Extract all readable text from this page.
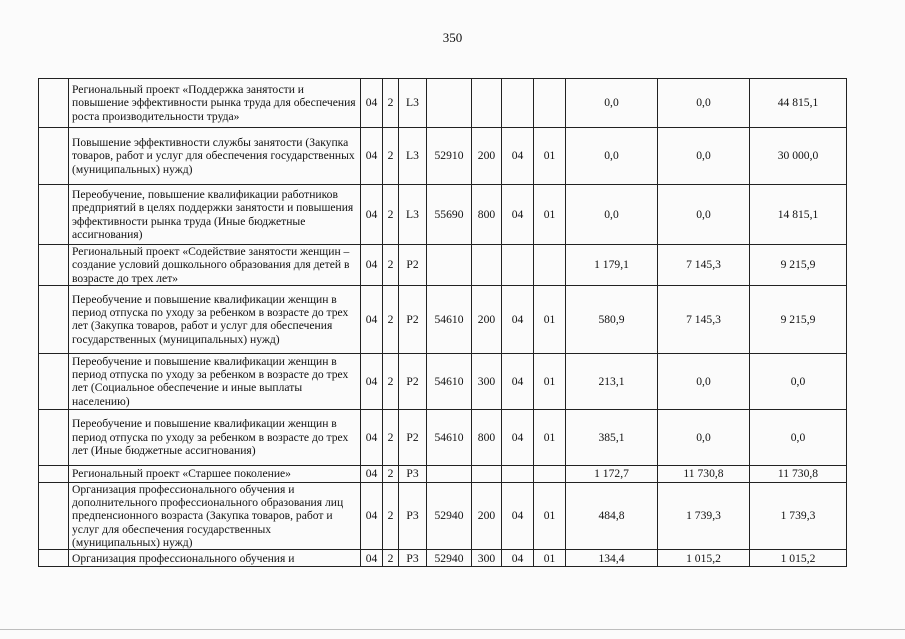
350
	Региональный проект «Поддержка занятости и повышение эффективности рынка труда для обеспечения роста производительности труда»	04	2	L3					0,0	0,0	44 815,1
	Повышение эффективности службы занятости (Закупка товаров, работ и услуг для обеспечения государственных (муниципальных) нужд)	04	2	L3	52910	200	04	01	0,0	0,0	30 000,0
	Переобучение, повышение квалификации работников предприятий в целях поддержки занятости и повышения эффективности рынка труда (Иные бюджетные ассигнования)	04	2	L3	55690	800	04	01	0,0	0,0	14 815,1
	Региональный проект «Содействие занятости женщин – создание условий дошкольного образования для детей в возрасте до трех лет»	04	2	P2					1 179,1	7 145,3	9 215,9
	Переобучение и повышение квалификации женщин в период отпуска по уходу за ребенком в возрасте до трех лет (Закупка товаров, работ и услуг для обеспечения государственных (муниципальных) нужд)	04	2	P2	54610	200	04	01	580,9	7 145,3	9 215,9
	Переобучение и повышение квалификации женщин в период отпуска по уходу за ребенком в возрасте до трех лет (Социальное обеспечение и иные выплаты населению)	04	2	P2	54610	300	04	01	213,1	0,0	0,0
	Переобучение и повышение квалификации женщин в период отпуска по уходу за ребенком в возрасте до трех лет (Иные бюджетные ассигнования)	04	2	P2	54610	800	04	01	385,1	0,0	0,0
	Региональный проект «Старшее поколение»	04	2	P3					1 172,7	11 730,8	11 730,8
	Организация профессионального обучения и дополнительного профессионального образования лиц предпенсионного возраста (Закупка товаров, работ и услуг для обеспечения государственных (муниципальных) нужд)	04	2	P3	52940	200	04	01	484,8	1 739,3	1 739,3
	Организация профессионального обучения и	04	2	P3	52940	300	04	01	134,4	1 015,2	1 015,2
